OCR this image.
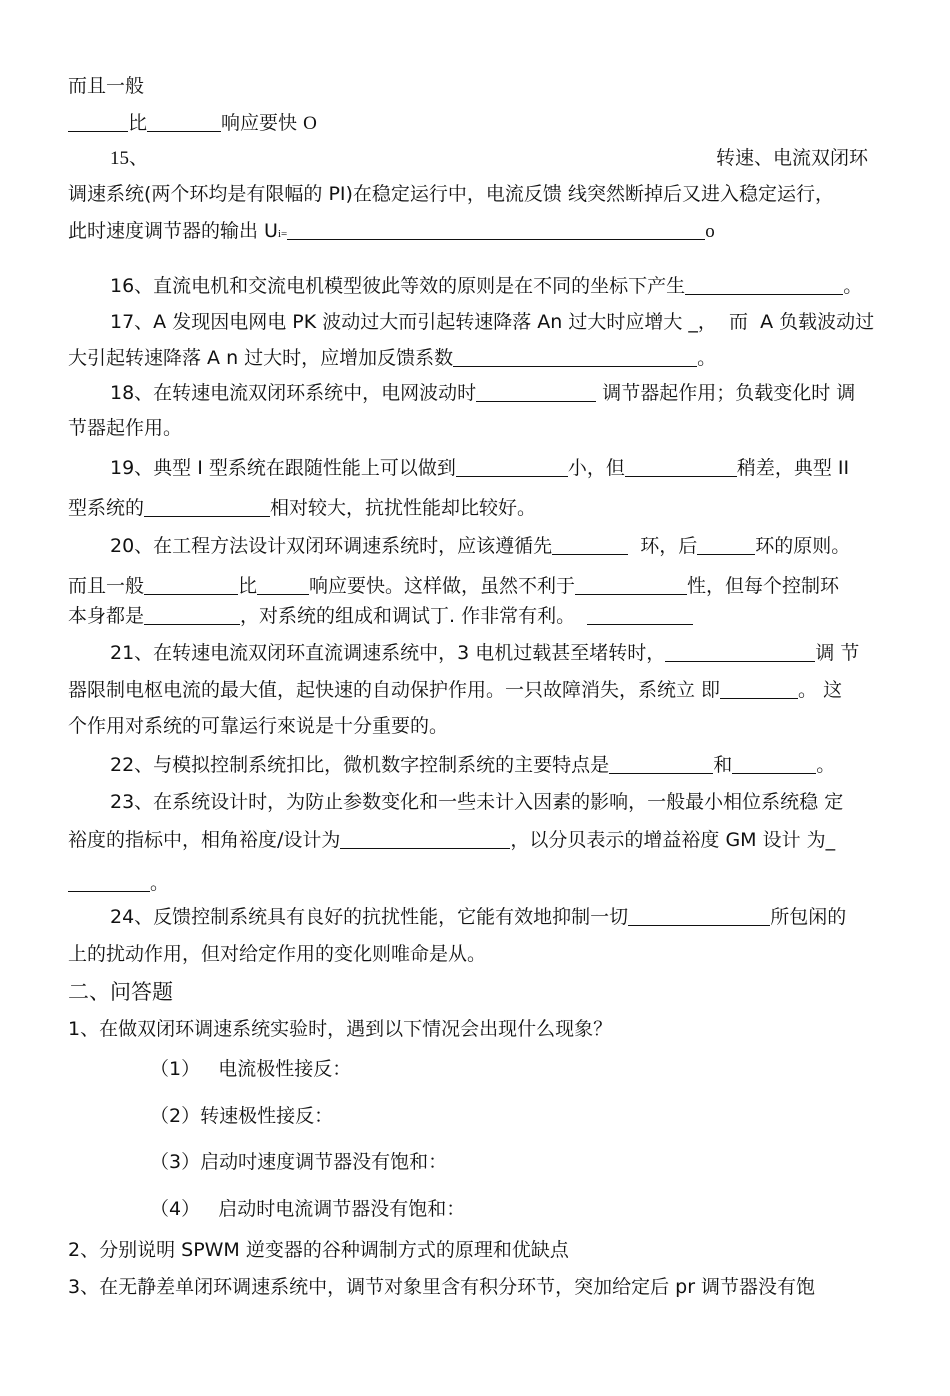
而且一般
比	响应要快 O
15、	转速、电流双闭环
调速系统(两个环均是有限幅的 PI)在稳定运行中，电流反馈 线突然断掉后又进入稳定运行，
此时速度调节器的输出 Ui=	o
16、直流电机和交流电机模型彼此等效的原则是在不同的坐标下产生	。
17、A 发现因电网电 PK 波动过大而引起转速降落 An 过大时应增大 _， 而 A 负载波动过
大引起转速降落 A n 过大时，应增加反馈系数	。
18、在转速电流双闭环系统中，电网波动时	调节器起作用；负载变化时 调
节器起作用。
19、典型 I 型系统在跟随性能上可以做到	小，但	稍差，典型 II
型系统的	相对较大，抗扰性能却比较好。
20、在工程方法设计双闭环调速系统时，应该遵循先	环，后	环的原则。
而且一般	比	响应要快。这样做，虽然不利于	性，但每个控制环
本身都是	，对系统的组成和调试丁. 作非常有利。
21、在转速电流双闭环直流调速系统中，3 电机过载甚至堵转时，	调 节
器限制电枢电流的最大值，起快速的自动保护作用。一只故障消失，系统立 即	。 这
个作用对系统的可靠运行來说是十分重要的。
22、与模拟控制系统扣比，微机数字控制系统的主要特点是	和	。
23、在系统设计时，为防止参数变化和一些未计入因素的影响，一般最小相位系统稳 定
裕度的指标中，相角裕度/设计为	，以分贝表示的增益裕度 GM 设计 为_
。
24、反馈控制系统具有良好的抗扰性能，它能有效地抑制一切	所包闲的
上的扰动作用，但对给定作用的变化则唯命是从。
二、问答题
1、在做双闭环调速系统实验时，遇到以下情况会出现什么现象？
（1） 电流极性接反：
（2）转速极性接反：
（3）启动吋速度调节器没有饱和：
（4） 启动时电流调节器没有饱和：
2、分别说明 SPWM 逆变器的谷种调制方式的原理和优缺点
3、在无静差单闭环调速系统中，调节对象里含有积分环节，突加给定后 pr 调节器没有饱
